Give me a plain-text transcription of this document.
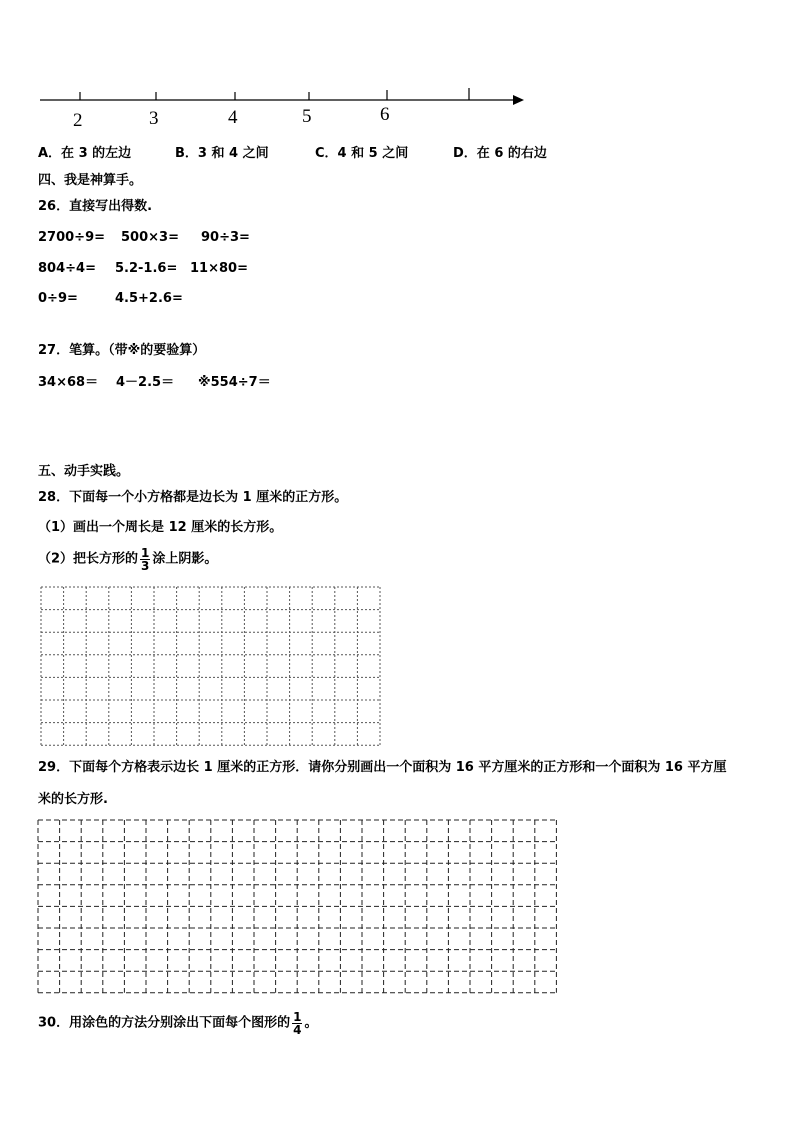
2	3	4	5	6
A．在 3 的左边	B．3 和 4 之间	C．4 和 5 之间	D．在 6 的右边
四、我是神算手。
26．直接写出得数.
2700÷9= 500×3= 90÷3=
804÷4= 5.2-1.6= 11×80=
0÷9=	4.5+2.6=
27．笔算。（带※的要验算）
34×68＝ 4－2.5＝ ※554÷7＝
五、动手实践。
28．下面每一个小方格都是边长为 1 厘米的正方形。
（1）画出一个周长是 12 厘米的长方形。
（2）把长方形的 $\frac{1}{3}$ 涂上阴影。
29．下面每个方格表示边长 1 厘米的正方形．请你分别画出一个面积为 16 平方厘米的正方形和一个面积为 16 平方厘
米的长方形.
30．用涂色的方法分别涂出下面每个图形的 $\frac{1}{4}$ 。
